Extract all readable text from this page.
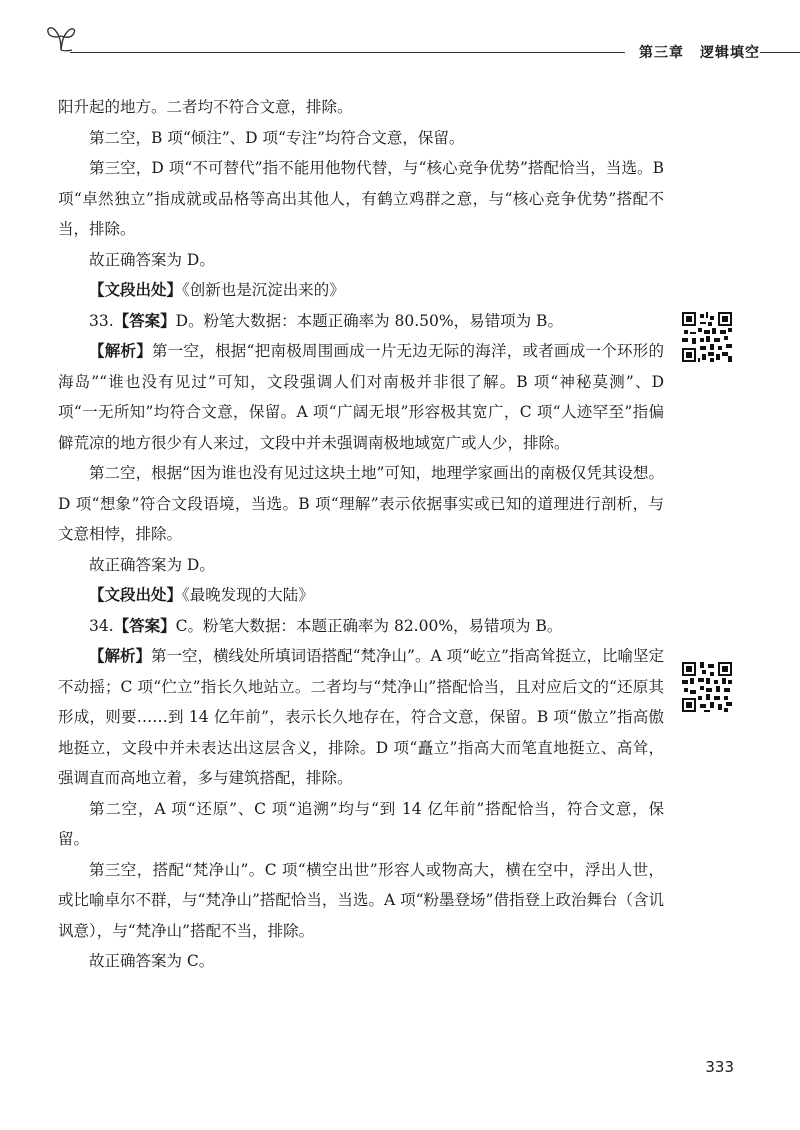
第三章 逻辑填空

阳升起的地方。二者均不符合文意，排除。

第二空，B 项“倾注”、D 项“专注”均符合文意，保留。

第三空，D 项“不可替代”指不能用他物代替，与“核心竞争优势”搭配恰当，当选。B 项“卓然独立”指成就或品格等高出其他人，有鹤立鸡群之意，与“核心竞争优势”搭配不当，排除。

故正确答案为 D。

【文段出处】《创新也是沉淀出来的》

33.【答案】D。粉笔大数据：本题正确率为 80.50%，易错项为 B。

【解析】第一空，根据“把南极周围画成一片无边无际的海洋，或者画成一个环形的海岛”“谁也没有见过”可知，文段强调人们对南极并非很了解。B 项“神秘莫测”、D 项“一无所知”均符合文意，保留。A 项“广阔无垠”形容极其宽广，C 项“人迹罕至”指偏僻荒凉的地方很少有人来过，文段中并未强调南极地域宽广或人少，排除。

第二空，根据“因为谁也没有见过这块土地”可知，地理学家画出的南极仅凭其设想。D 项“想象”符合文段语境，当选。B 项“理解”表示依据事实或已知的道理进行剖析，与文意相悖，排除。

故正确答案为 D。

【文段出处】《最晚发现的大陆》

34.【答案】C。粉笔大数据：本题正确率为 82.00%，易错项为 B。

【解析】第一空，横线处所填词语搭配“梵净山”。A 项“屹立”指高耸挺立，比喻坚定不动摇；C 项“伫立”指长久地站立。二者均与“梵净山”搭配恰当，且对应后文的“还原其形成，则要……到 14 亿年前”，表示长久地存在，符合文意，保留。B 项“傲立”指高傲地挺立，文段中并未表达出这层含义，排除。D 项“矗立”指高大而笔直地挺立、高耸，强调直而高地立着，多与建筑搭配，排除。

第二空，A 项“还原”、C 项“追溯”均与“到 14 亿年前”搭配恰当，符合文意，保留。

第三空，搭配“梵净山”。C 项“横空出世”形容人或物高大，横在空中，浮出人世，或比喻卓尔不群，与“梵净山”搭配恰当，当选。A 项“粉墨登场”借指登上政治舞台（含讥讽意），与“梵净山”搭配不当，排除。

故正确答案为 C。

333
